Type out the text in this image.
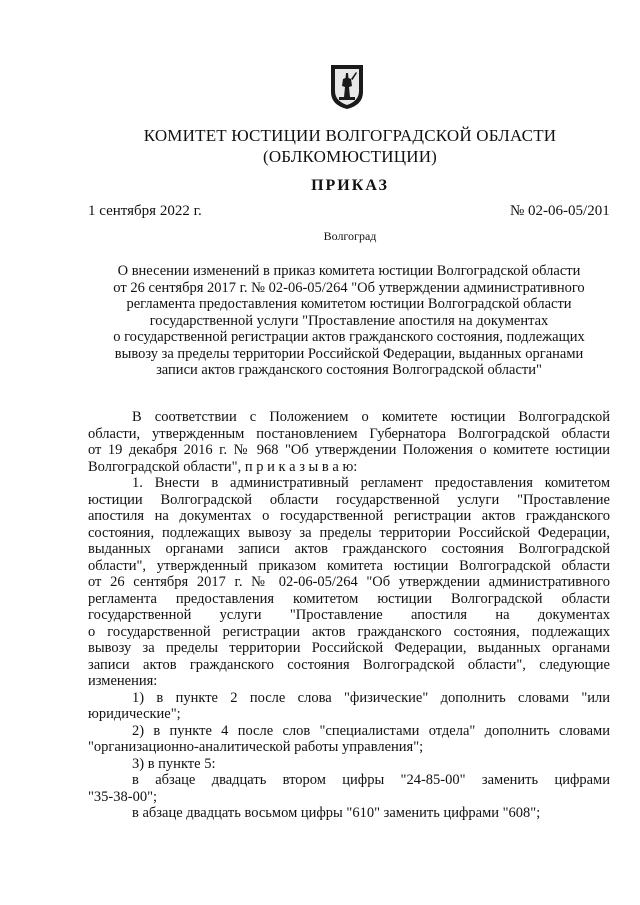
КОМИТЕТ ЮСТИЦИИ ВОЛГОГРАДСКОЙ ОБЛАСТИ
(ОБЛКОМЮСТИЦИИ)
ПРИКАЗ
1 сентября 2022 г.	№ 02-06-05/201
Волгоград
О внесении изменений в приказ комитета юстиции Волгоградской области
от 26 сентября 2017 г. № 02-06-05/264 "Об утверждении административного
регламента предоставления комитетом юстиции Волгоградской области
государственной услуги "Проставление апостиля на документах
о государственной регистрации актов гражданского состояния, подлежащих
вывозу за пределы территории Российской Федерации, выданных органами
записи актов гражданского состояния Волгоградской области"
В соответствии с Положением о комитете юстиции Волгоградской
области, утвержденным постановлением Губернатора Волгоградской области
от 19 декабря 2016 г. № 968 "Об утверждении Положения о комитете юстиции
Волгоградской области", п р и к а з ы в а ю:
1. Внести в административный регламент предоставления комитетом
юстиции Волгоградской области государственной услуги "Проставление
апостиля на документах о государственной регистрации актов гражданского
состояния, подлежащих вывозу за пределы территории Российской Федерации,
выданных органами записи актов гражданского состояния Волгоградской
области", утвержденный приказом комитета юстиции Волгоградской области
от 26 сентября 2017 г. № 02-06-05/264 "Об утверждении административного
регламента предоставления комитетом юстиции Волгоградской области
государственной услуги "Проставление апостиля на документах
о государственной регистрации актов гражданского состояния, подлежащих
вывозу за пределы территории Российской Федерации, выданных органами
записи актов гражданского состояния Волгоградской области", следующие
изменения:
1) в пункте 2 после слова "физические" дополнить словами "или
юридические";
2) в пункте 4 после слов "специалистами отдела" дополнить словами
"организационно-аналитической работы управления";
3) в пункте 5:
в абзаце двадцать втором цифры "24-85-00" заменить цифрами
"35-38-00";
в абзаце двадцать восьмом цифры "610" заменить цифрами "608";
